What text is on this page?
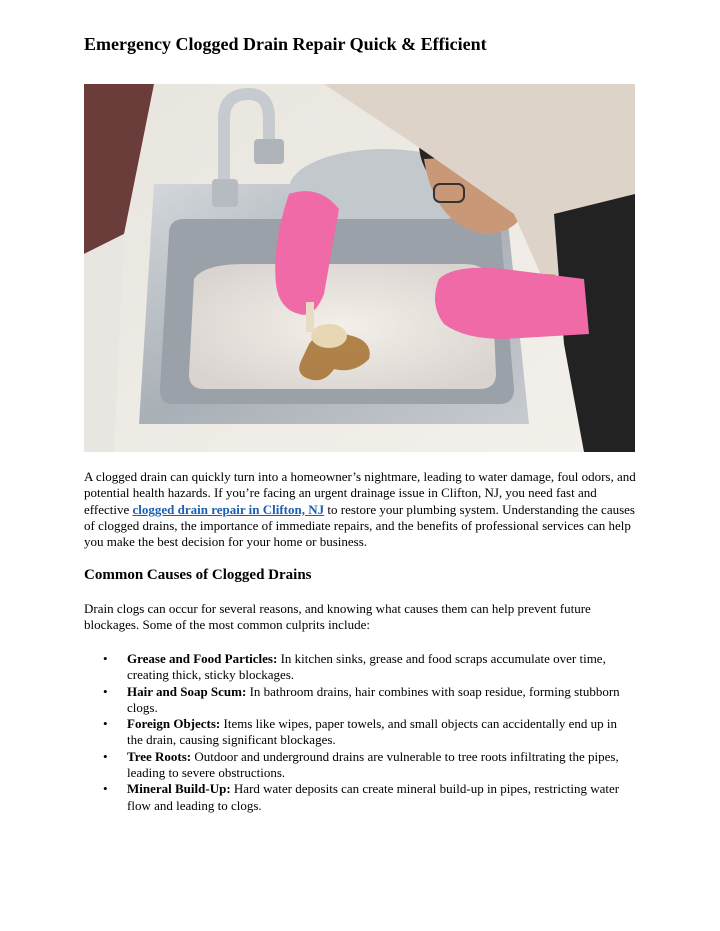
Emergency Clogged Drain Repair Quick & Efficient

A clogged drain can quickly turn into a homeowner’s nightmare, leading to water damage, foul odors, and potential health hazards. If you’re facing an urgent drainage issue in Clifton, NJ, you need fast and effective clogged drain repair in Clifton, NJ to restore your plumbing system. Understanding the causes of clogged drains, the importance of immediate repairs, and the benefits of professional services can help you make the best decision for your home or business.

Common Causes of Clogged Drains

Drain clogs can occur for several reasons, and knowing what causes them can help prevent future blockages. Some of the most common culprits include:

• Grease and Food Particles: In kitchen sinks, grease and food scraps accumulate over time, creating thick, sticky blockages.
• Hair and Soap Scum: In bathroom drains, hair combines with soap residue, forming stubborn clogs.
• Foreign Objects: Items like wipes, paper towels, and small objects can accidentally end up in the drain, causing significant blockages.
• Tree Roots: Outdoor and underground drains are vulnerable to tree roots infiltrating the pipes, leading to severe obstructions.
• Mineral Build-Up: Hard water deposits can create mineral build-up in pipes, restricting water flow and leading to clogs.
